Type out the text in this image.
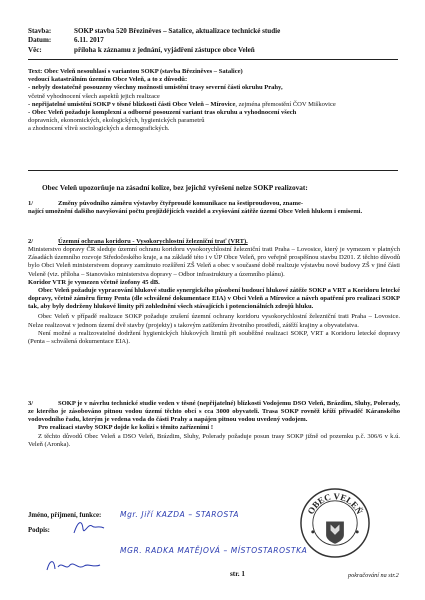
Stavba:	SOKP stavba 520 Březiněves – Satalice, aktualizace technické studie
Datum:	6.11. 2017
Věc:	příloha k záznamu z jednání, vyjádření zástupce obce Veleň
Text: Obec Veleň nesouhlasí s variantou SOKP (stavba Březiněves – Satalice)
vedoucí katastrálním územím Obce Veleň, a to z důvodů:
- nebyly dostatečně posouzeny všechny možnosti umístění trasy severní části okruhu Prahy,
včetně vyhodnocení všech aspektů jejich realizace
- nepřijatelné umístění SOKP v těsné blízkosti části Obce Veleň – Mírovice, zejména přemostění ČOV Miškovice
- Obec Veleň požaduje komplexní a odborné posouzení variant tras okruhu a vyhodnocení všech
dopravních, ekonomických, ekologických, hygienických parametrů
a zhodnocení vlivů sociologických a demografických.
Obec Veleň upozorňuje na zásadní kolize, bez jejichž vyřešení nelze SOKP realizovat:
1/	Změny původního záměru výstavby čtyřproudé komunikace na šestiproudovou, zname-
nající umožnění dalšího navyšování počtu projíždějících vozidel a zvyšování zátěže území Obce Veleň hlukem i emisemi.
2/	Územní ochrana koridoru - Vysokorychlostní železniční trať (VRT).
Ministerstvo dopravy ČR sleduje územní ochranu koridoru vysokorychlostní železniční trati Praha – Lovosice, který je vymezen v platných Zásadách územního rozvoje Středočeského kraje, a na základě této i v ÚP Obce Veleň, pro veřejně prospěšnou stavbu D201. Z těchto důvodů bylo Obci Veleň ministerstvem dopravy zamítnuto rozšíření ZŠ Veleň a obec v současné době realizuje výstavbu nové budovy ZŠ v jiné části Veleně (viz. příloha – Stanovisko ministerstva dopravy – Odbor infrastruktury a územního plánu).
Koridor VTR je vymezen včetně izofony 45 dB.
Obec Veleň požaduje vypracování hlukové studie synergického působení budoucí hlukové zátěže SOKP a VRT a Koridoru letecké dopravy, včetně záměru firmy Penta (dle schválené dokumentace EIA) v Obci Veleň a Mírovice a návrh opatření pro realizaci SOKP tak, aby byly dodrženy hlukové limity při zohlednění všech stávajících i potencionálních zdrojů hluku.
Obec Veleň v případě realizace SOKP požaduje zrušení územní ochrany koridoru vysokorychlostní železniční trati Praha – Lovosice. Nelze realizovat v jednom území dvě stavby (projekty) s takovým zatížením životního prostředí, zátěží krajiny a obyvatelstva.
Není možné a realizovatelné dodržení hygienických hlukových limitů při souběžné realizaci SOKP, VRT a Koridoru letecké dopravy (Penta – schválená dokumentace EIA).
3/	SOKP je v návrhu technické studie veden v těsné (nepřijatelné) blízkosti Vodojemu DSO Veleň, Brázdim, Sluhy, Polerady, ze kterého je zásobováno pitnou vodou území těchto obcí s cca 3000 obyvateli. Trasa SOKP rovněž kříží přivaděč Káranského vodovodního řadu, kterým je vedena voda do části Prahy a napájen pitnou vodou uvedený vodojem.
Pro realizaci stavby SOKP dojde ke kolizi s těmito zařízeními !
Z těchto důvodů Obec Veleň a DSO Veleň, Brázdim, Sluhy, Polerady požaduje posun trasy SOKP jižně od pozemku p.č. 306/6 v k.ú. Veleň (Aronka).
Jméno, příjmení, funkce:	Mgr. Jiří KAZDA – STAROSTA
Podpis:
MGR. RADKA MATĚJOVÁ – MÍSTOSTAROSTKA
OBEC VELEŇ
str. 1	pokračování na str.2
